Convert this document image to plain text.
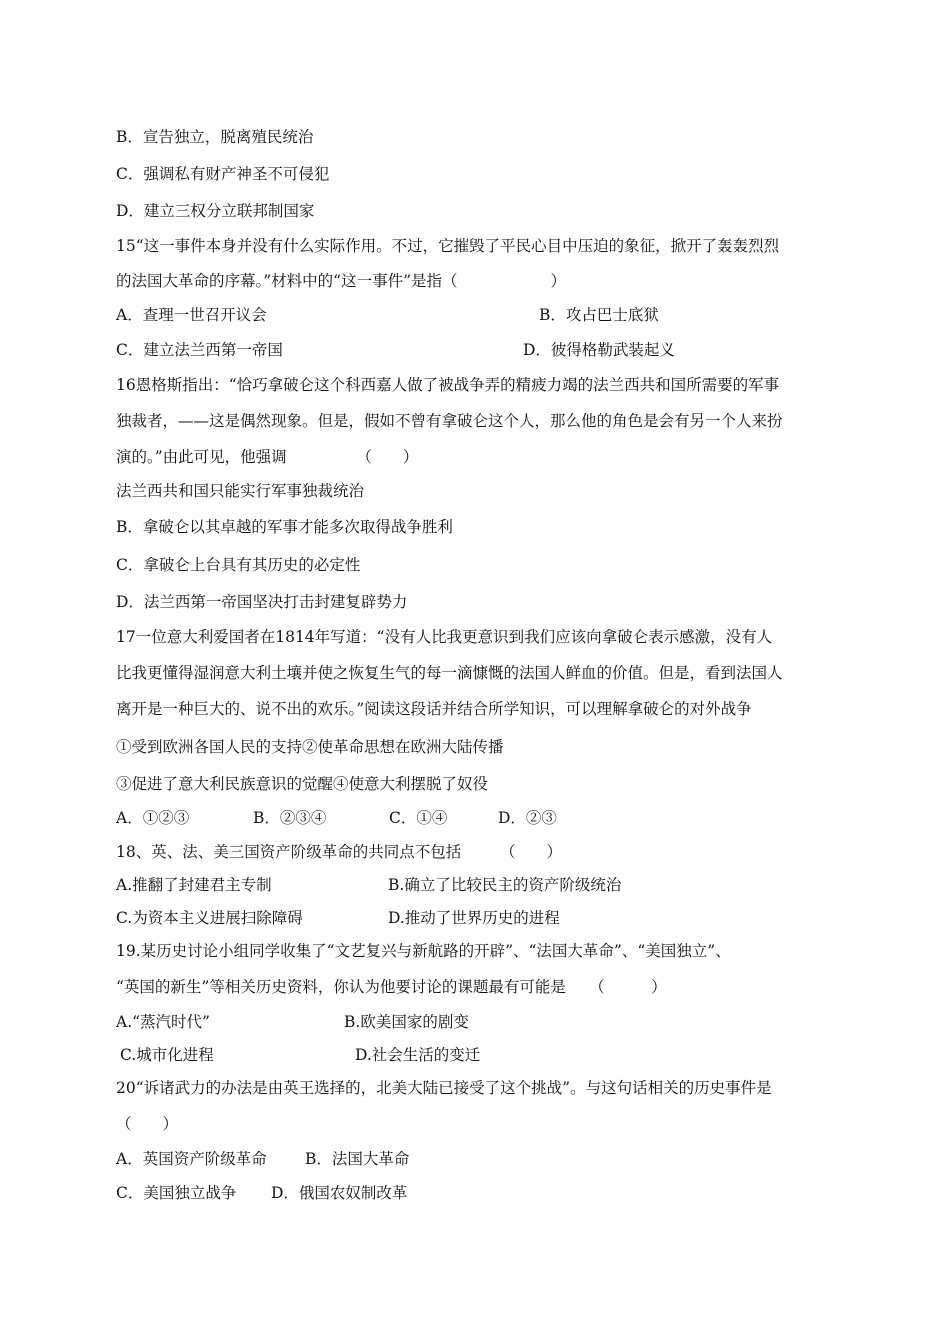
B．宣告独立，脱离殖民统治
C．强调私有财产神圣不可侵犯
D．建立三权分立联邦制国家
15“这一事件本身并没有什么实际作用。不过，它摧毁了平民心目中压迫的象征，掀开了轰轰烈烈
的法国大革命的序幕。”材料中的“这一事件”是指（　　　　　　）
A．查理一世召开议会	B．攻占巴士底狱
C．建立法兰西第一帝国	D．彼得格勒武装起义
16恩格斯指出：“恰巧拿破仑这个科西嘉人做了被战争弄的精疲力竭的法兰西共和国所需要的军事
独裁者，——这是偶然现象。但是，假如不曾有拿破仑这个人，那么他的角色是会有另一个人来扮
演的。”由此可见，他强调　　　　　（　　）
法兰西共和国只能实行军事独裁统治
B．拿破仑以其卓越的军事才能多次取得战争胜利
C．拿破仑上台具有其历史的必定性
D．法兰西第一帝国坚决打击封建复辟势力
17一位意大利爱国者在1814年写道：“没有人比我更意识到我们应该向拿破仑表示感激，没有人
比我更懂得湿润意大利土壤并使之恢复生气的每一滴慷慨的法国人鲜血的价值。但是，看到法国人
离开是一种巨大的、说不出的欢乐。”阅读这段话并结合所学知识，可以理解拿破仑的对外战争
①受到欧洲各国人民的支持②使革命思想在欧洲大陆传播
③促进了意大利民族意识的觉醒④使意大利摆脱了奴役
A．①②③	B．②③④	C．①④	D．②③
18、英、法、美三国资产阶级革命的共同点不包括　　　（　　）
A.推翻了封建君主专制	B.确立了比较民主的资产阶级统治
C.为资本主义进展扫除障碍	D.推动了世界历史的进程
19.某历史讨论小组同学收集了“文艺复兴与新航路的开辟”、“法国大革命”、“美国独立”、
“英国的新生”等相关历史资料，你认为他要讨论的课题最有可能是　　（　　　）
A.“蒸汽时代”	B.欧美国家的剧变
C.城市化进程	D.社会生活的变迁
20“诉诸武力的办法是由英王选择的，北美大陆已接受了这个挑战”。与这句话相关的历史事件是
（　　）
A．英国资产阶级革命 B．法国大革命
C．美国独立战争 D．俄国农奴制改革
